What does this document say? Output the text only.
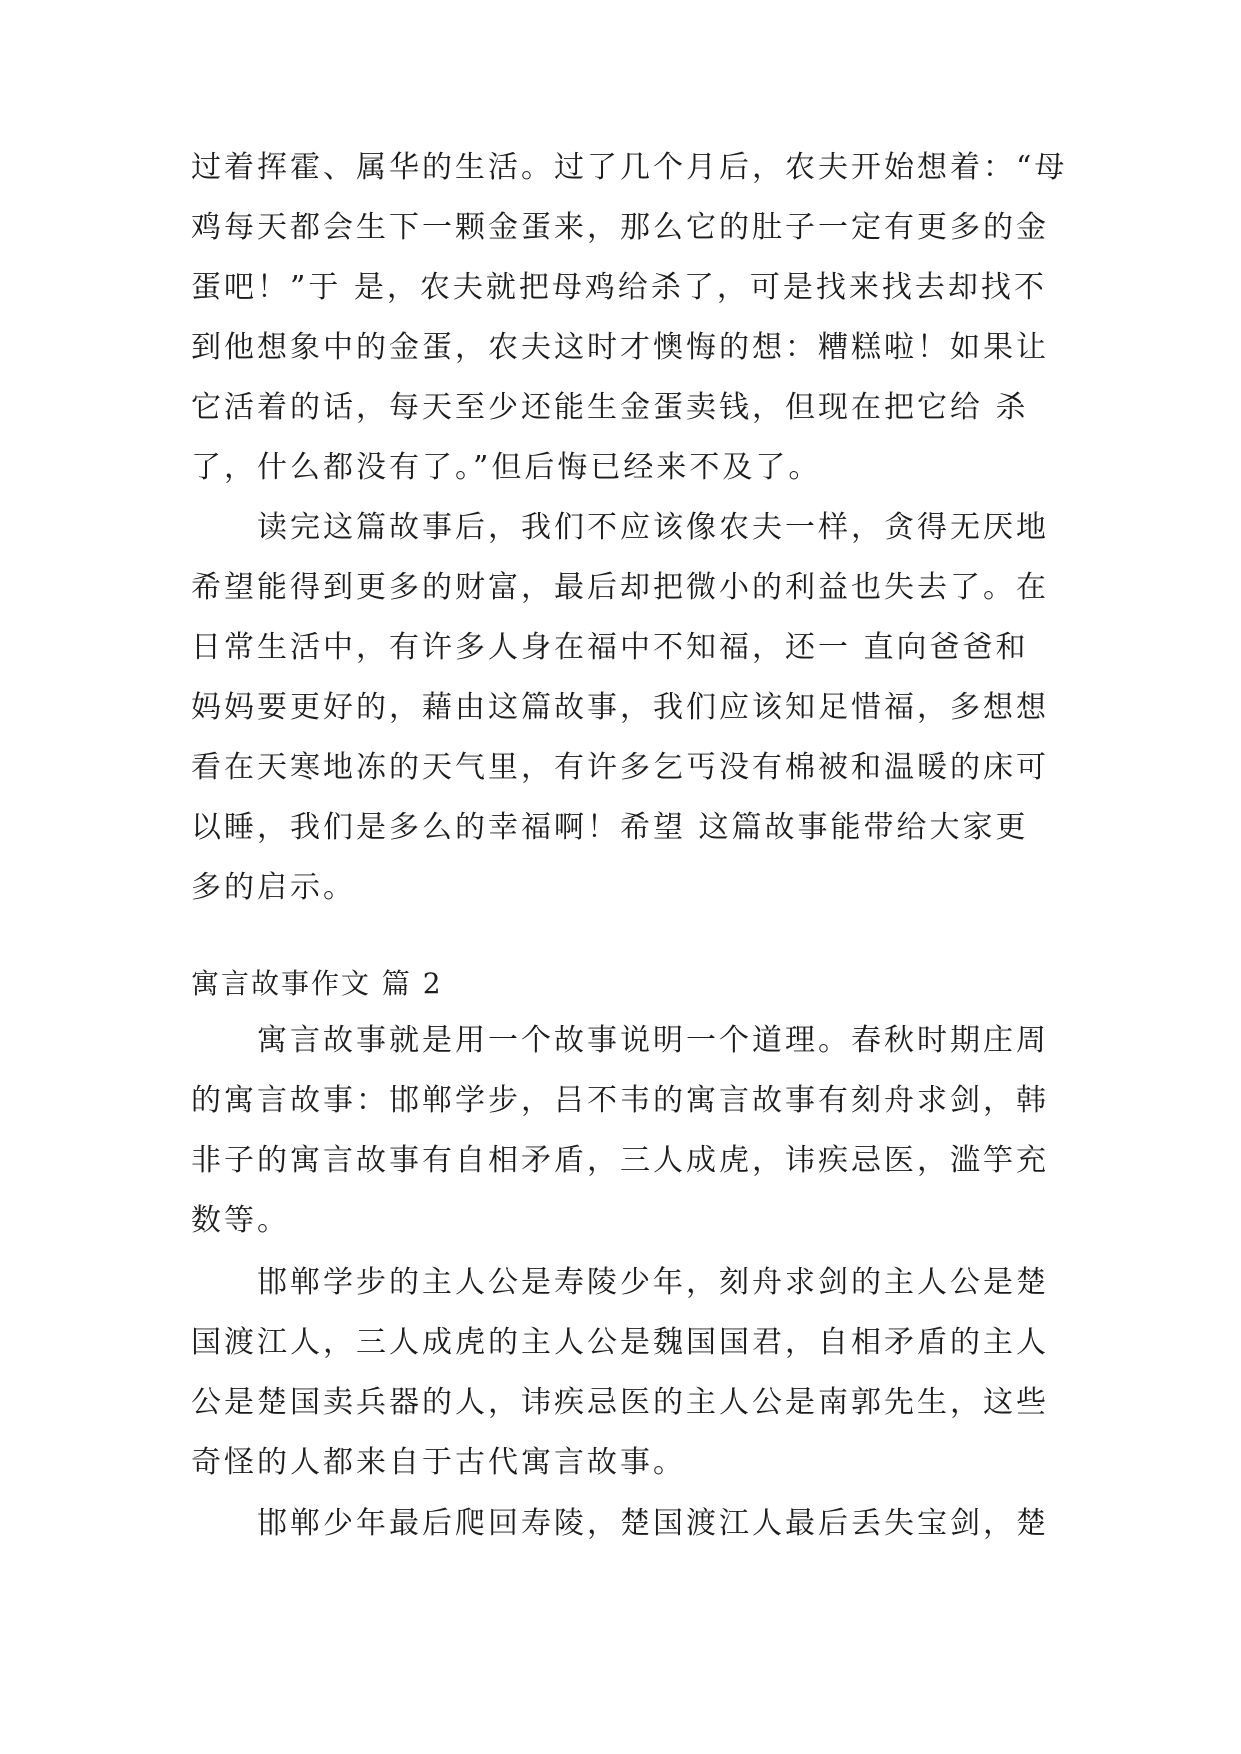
过着挥霍、属华的生活。过了几个月后，农夫开始想着：“母
鸡每天都会生下一颗金蛋来，那么它的肚子一定有更多的金
蛋吧！”于 是，农夫就把母鸡给杀了，可是找来找去却找不
到他想象中的金蛋，农夫这时才懊悔的想：糟糕啦！如果让
它活着的话，每天至少还能生金蛋卖钱，但现在把它给 杀
了，什么都没有了。”但后悔已经来不及了。

读完这篇故事后，我们不应该像农夫一样，贪得无厌地
希望能得到更多的财富，最后却把微小的利益也失去了。在
日常生活中，有许多人身在福中不知福，还一 直向爸爸和
妈妈要更好的，藉由这篇故事，我们应该知足惜福，多想想
看在天寒地冻的天气里，有许多乞丐没有棉被和温暖的床可
以睡，我们是多么的幸福啊！希望 这篇故事能带给大家更
多的启示。

寓言故事作文 篇 2

寓言故事就是用一个故事说明一个道理。春秋时期庄周
的寓言故事：邯郸学步，吕不韦的寓言故事有刻舟求剑，韩
非子的寓言故事有自相矛盾，三人成虎，讳疾忌医，滥竽充
数等。

邯郸学步的主人公是寿陵少年，刻舟求剑的主人公是楚
国渡江人，三人成虎的主人公是魏国国君，自相矛盾的主人
公是楚国卖兵器的人，讳疾忌医的主人公是南郭先生，这些
奇怪的人都来自于古代寓言故事。

邯郸少年最后爬回寿陵，楚国渡江人最后丢失宝剑，楚
